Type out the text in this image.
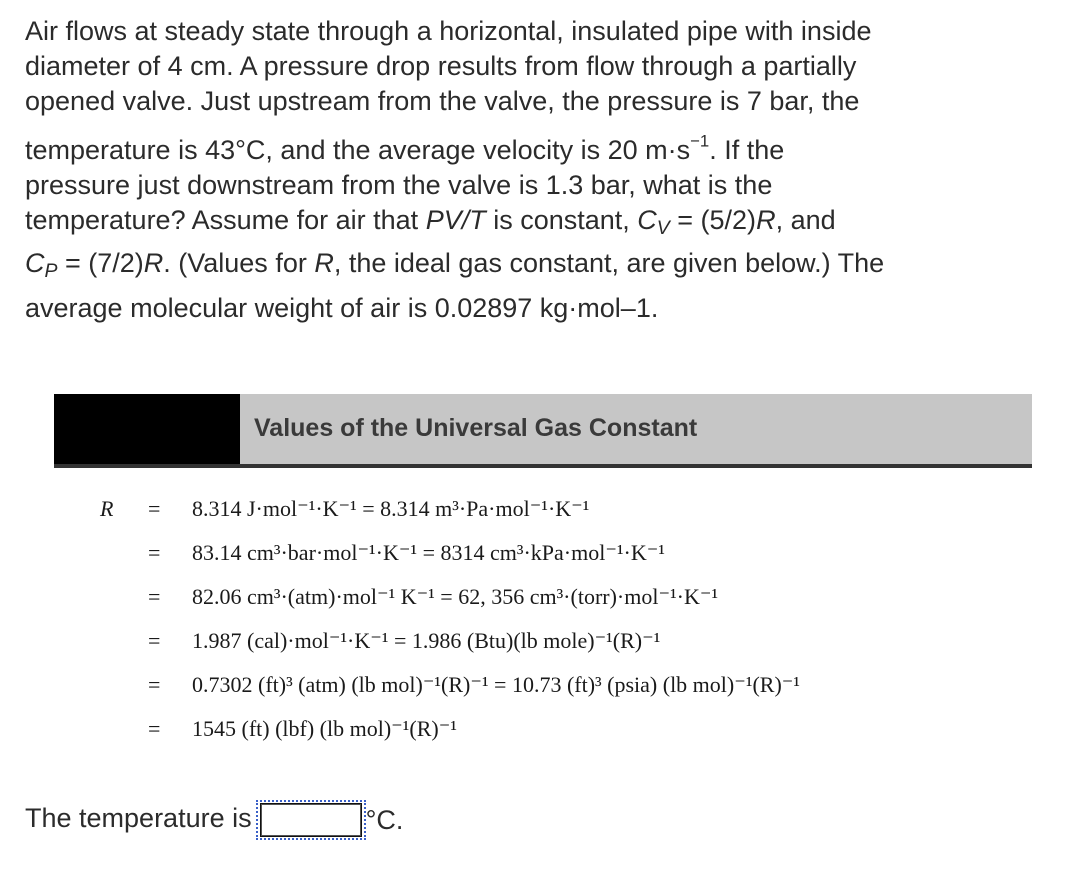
Air flows at steady state through a horizontal, insulated pipe with inside
diameter of 4 cm. A pressure drop results from flow through a partially
opened valve. Just upstream from the valve, the pressure is 7 bar, the
temperature is 43°C, and the average velocity is 20 $m\cdot s^{-1}$. If the
pressure just downstream from the valve is 1.3 bar, what is the
temperature? Assume for air that PV/T is constant, $C_V = (5/2)R$, and
$C_P = (7/2)R$. (Values for R, the ideal gas constant, are given below.) The
average molecular weight of air is 0.02897 kg·mol–1.
Values of the Universal Gas Constant
R	= 8.314 J·mol⁻¹·K⁻¹ = 8.314 m³·Pa·mol⁻¹·K⁻¹
= 83.14 cm³·bar·mol⁻¹·K⁻¹ = 8314 cm³·kPa·mol⁻¹·K⁻¹
= 82.06 cm³·(atm)·mol⁻¹ K⁻¹ = 62, 356 cm³·(torr)·mol⁻¹·K⁻¹
= 1.987 (cal)·mol⁻¹·K⁻¹ = 1.986 (Btu)(lb mole)⁻¹(R)⁻¹
= 0.7302 (ft)³ (atm) (lb mol)⁻¹(R)⁻¹ = 10.73 (ft)³ (psia) (lb mol)⁻¹(R)⁻¹
= 1545 (ft) (lbf) (lb mol)⁻¹(R)⁻¹
The temperature is	°C.
